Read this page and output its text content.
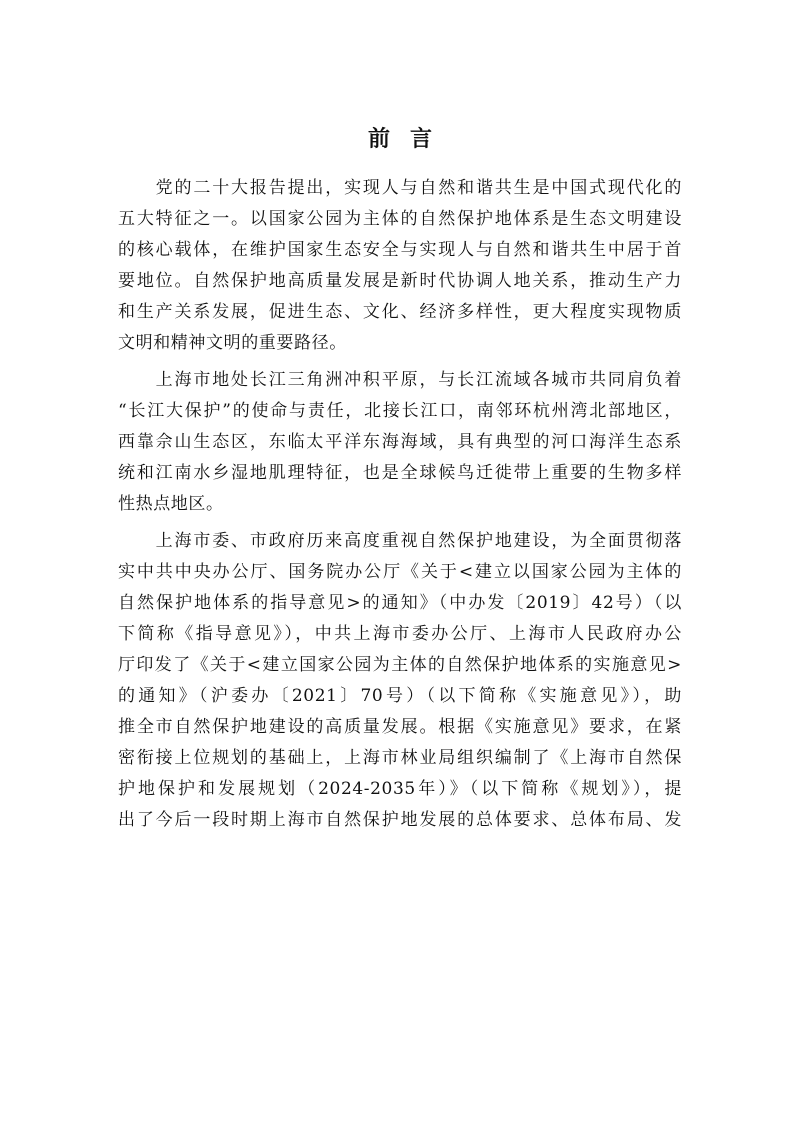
前言
　　党的二十大报告提出，实现人与自然和谐共生是中国式现代化的
五大特征之一。以国家公园为主体的自然保护地体系是生态文明建设
的核心载体，在维护国家生态安全与实现人与自然和谐共生中居于首
要地位。自然保护地高质量发展是新时代协调人地关系，推动生产力
和生产关系发展，促进生态、文化、经济多样性，更大程度实现物质
文明和精神文明的重要路径。
　　上海市地处长江三角洲冲积平原，与长江流域各城市共同肩负着
“长江大保护”的使命与责任，北接长江口，南邻环杭州湾北部地区，
西靠佘山生态区，东临太平洋东海海域，具有典型的河口海洋生态系
统和江南水乡湿地肌理特征，也是全球候鸟迁徙带上重要的生物多样
性热点地区。
　　上海市委、市政府历来高度重视自然保护地建设，为全面贯彻落
实中共中央办公厅、国务院办公厅《关于<建立以国家公园为主体的
自然保护地体系的指导意见>的通知》（中办发〔2019〕42号）（以
下简称《指导意见》），中共上海市委办公厅、上海市人民政府办公
厅印发了《关于<建立国家公园为主体的自然保护地体系的实施意见>
的通知》（沪委办〔2021〕70号）（以下简称《实施意见》），助
推全市自然保护地建设的高质量发展。根据《实施意见》要求，在紧
密衔接上位规划的基础上，上海市林业局组织编制了《上海市自然保
护地保护和发展规划（2024-2035年）》（以下简称《规划》），提
出了今后一段时期上海市自然保护地发展的总体要求、总体布局、发
